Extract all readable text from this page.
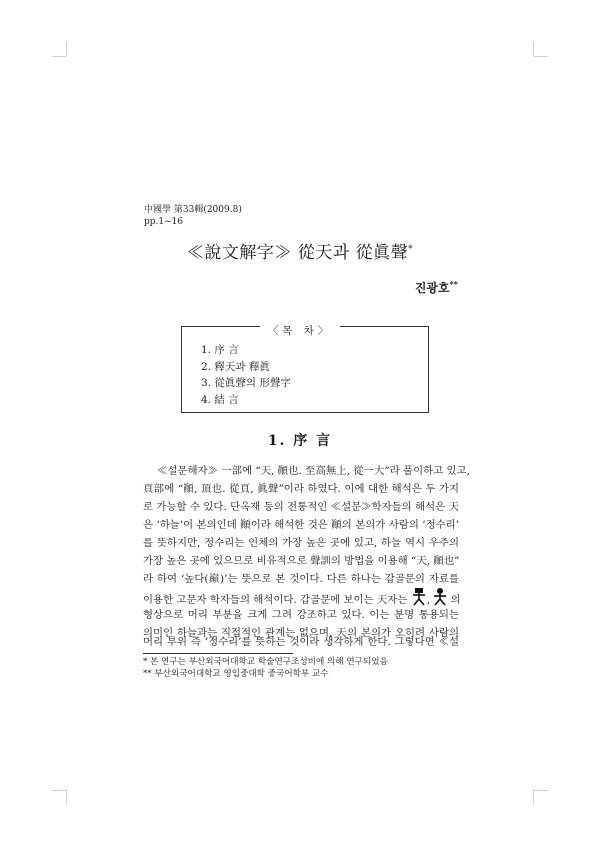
中國學 第33輯(2009.8)
pp.1~16
≪說文解字≫ 從天과 從眞聲*
진광호**
〈목 차〉
1. 序 言
2. 釋天과 釋眞
3. 從眞聲의 形聲字
4. 結 言
1. 序 言
≪설문해자≫ 一部에 “天, 顚也. 至高無上, 從一大”라 풀이하고 있고,
頁部에 “顚, 頂也. 從頁, 眞聲”이라 하였다. 이에 대한 해석은 두 가지
로 가능할 수 있다. 단옥재 등의 전통적인 ≪설문≫학자들의 해석은 天
은 ‘하늘’이 본의인데 顚이라 해석한 것은 顚의 본의가 사람의 ‘정수리’
를 뜻하지만, 정수리는 인체의 가장 높은 곳에 있고, 하늘 역시 우주의
가장 높은 곳에 있으므로 비유적으로 聲訓의 방법을 이용해 “天, 顚也”
라 하여 ‘높다(巔)’는 뜻으로 본 것이다. 다른 하나는 갑골문의 자료를
이용한 고문자 학자들의 해석이다. 갑골문에 보이는 天자는 ,  의
형상으로 머리 부분을 크게 그려 강조하고 있다. 이는 분명 통용되는
의미인 하늘과는 직접적인 관계는 없으며, 天의 본의가 오히려 사람의
머리 부위 즉 ‘정수리’를 뜻하는 것이라 생각하게 한다. 그렇다면 ≪설
* 본 연구는 부산외국어대학교 학술연구조성비에 의해 연구되었음
** 부산외국어대학교 영입중대학 중국어학부 교수
